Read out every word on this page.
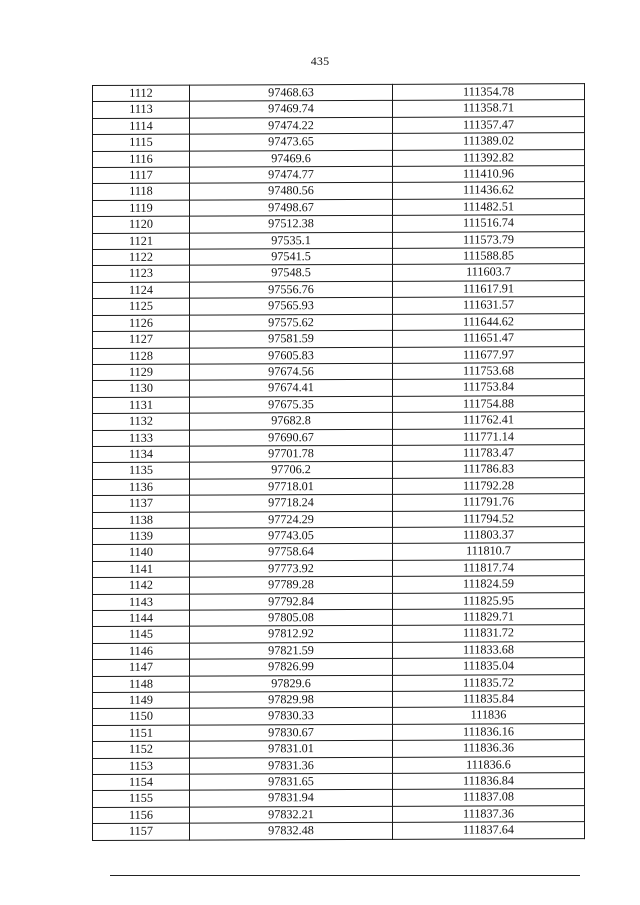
435
1112	97468.63	111354.78
1113	97469.74	111358.71
1114	97474.22	111357.47
1115	97473.65	111389.02
1116	97469.6	111392.82
1117	97474.77	111410.96
1118	97480.56	111436.62
1119	97498.67	111482.51
1120	97512.38	111516.74
1121	97535.1	111573.79
1122	97541.5	111588.85
1123	97548.5	111603.7
1124	97556.76	111617.91
1125	97565.93	111631.57
1126	97575.62	111644.62
1127	97581.59	111651.47
1128	97605.83	111677.97
1129	97674.56	111753.68
1130	97674.41	111753.84
1131	97675.35	111754.88
1132	97682.8	111762.41
1133	97690.67	111771.14
1134	97701.78	111783.47
1135	97706.2	111786.83
1136	97718.01	111792.28
1137	97718.24	111791.76
1138	97724.29	111794.52
1139	97743.05	111803.37
1140	97758.64	111810.7
1141	97773.92	111817.74
1142	97789.28	111824.59
1143	97792.84	111825.95
1144	97805.08	111829.71
1145	97812.92	111831.72
1146	97821.59	111833.68
1147	97826.99	111835.04
1148	97829.6	111835.72
1149	97829.98	111835.84
1150	97830.33	111836
1151	97830.67	111836.16
1152	97831.01	111836.36
1153	97831.36	111836.6
1154	97831.65	111836.84
1155	97831.94	111837.08
1156	97832.21	111837.36
1157	97832.48	111837.64
